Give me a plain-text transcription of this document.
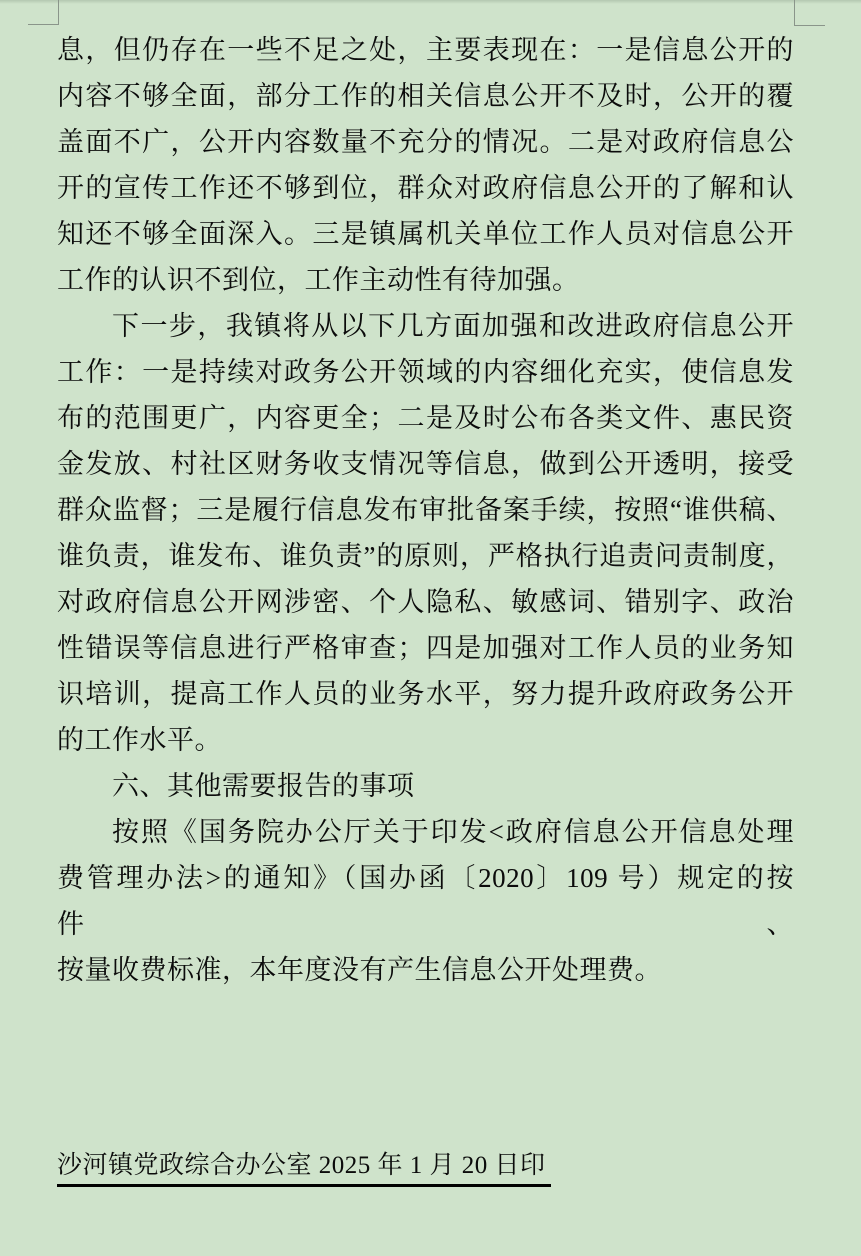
息，但仍存在一些不足之处，主要表现在：一是信息公开的
内容不够全面，部分工作的相关信息公开不及时，公开的覆
盖面不广，公开内容数量不充分的情况。二是对政府信息公
开的宣传工作还不够到位，群众对政府信息公开的了解和认
知还不够全面深入。三是镇属机关单位工作人员对信息公开
工作的认识不到位，工作主动性有待加强。
下一步，我镇将从以下几方面加强和改进政府信息公开
工作：一是持续对政务公开领域的内容细化充实，使信息发
布的范围更广，内容更全；二是及时公布各类文件、惠民资
金发放、村社区财务收支情况等信息，做到公开透明，接受
群众监督；三是履行信息发布审批备案手续，按照“谁供稿、
谁负责，谁发布、谁负责”的原则，严格执行追责问责制度，
对政府信息公开网涉密、个人隐私、敏感词、错别字、政治
性错误等信息进行严格审查；四是加强对工作人员的业务知
识培训，提高工作人员的业务水平，努力提升政府政务公开
的工作水平。
六、其他需要报告的事项
按照《国务院办公厅关于印发<政府信息公开信息处理
费管理办法>的通知》（国办函〔2020〕109 号）规定的按件、
按量收费标准，本年度没有产生信息公开处理费。
沙河镇党政综合办公室 2025 年 1 月 20 日印
